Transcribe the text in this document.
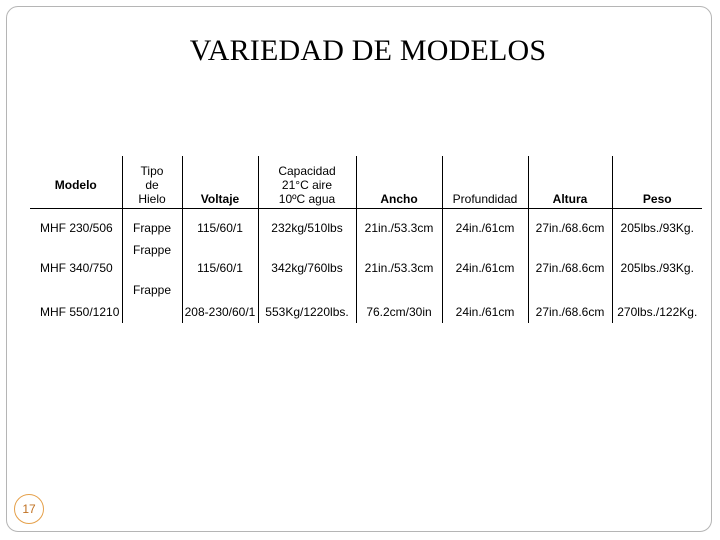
VARIEDAD DE MODELOS
Modelo	Tipo de Hielo	Voltaje	Capacidad 21°C aire 10ºC agua	Ancho	Profundidad	Altura	Peso
MHF 230/506	Frappe	115/60/1	232kg/510lbs	21in./53.3cm	24in./61cm	27in./68.6cm	205lbs./93Kg.
MHF 340/750	Frappe	115/60/1	342kg/760lbs	21in./53.3cm	24in./61cm	27in./68.6cm	205lbs./93Kg.
MHF 550/1210	Frappe	208-230/60/1	553Kg/1220lbs.	76.2cm/30in	24in./61cm	27in./68.6cm	270lbs./122Kg.
17
